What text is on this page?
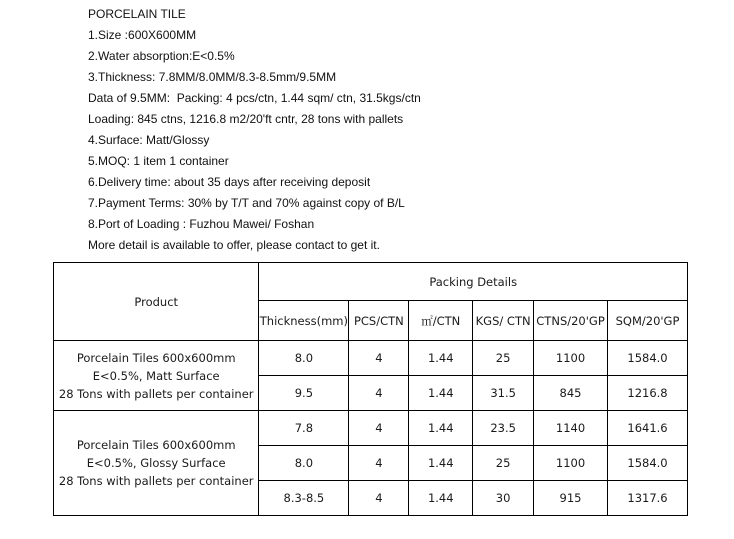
PORCELAIN TILE
1.Size :600X600MM
2.Water absorption:E<0.5%
3.Thickness: 7.8MM/8.0MM/8.3-8.5mm/9.5MM
Data of 9.5MM:  Packing: 4 pcs/ctn, 1.44 sqm/ ctn, 31.5kgs/ctn
Loading: 845 ctns, 1216.8 m2/20'ft cntr, 28 tons with pallets
4.Surface: Matt/Glossy
5.MOQ: 1 item 1 container
6.Delivery time: about 35 days after receiving deposit
7.Payment Terms: 30% by T/T and 70% against copy of B/L
8.Port of Loading : Fuzhou Mawei/ Foshan
More detail is available to offer, please contact to get it.
Product	Packing Details					
	Thickness(mm)	PCS/CTN	㎡/CTN	KGS/ CTN	CTNS/20'GP	SQM/20'GP

Porcelain Tiles 600x600mm
E<0.5%, Matt Surface
28 Tons with pallets per container	8.0	4	1.44	25	1100	1584.0
	9.5	4	1.44	31.5	845	1216.8

Porcelain Tiles 600x600mm
E<0.5%, Glossy Surface
28 Tons with pallets per container	7.8	4	1.44	23.5	1140	1641.6
	8.0	4	1.44	25	1100	1584.0
	8.3-8.5	4	1.44	30	915	1317.6
